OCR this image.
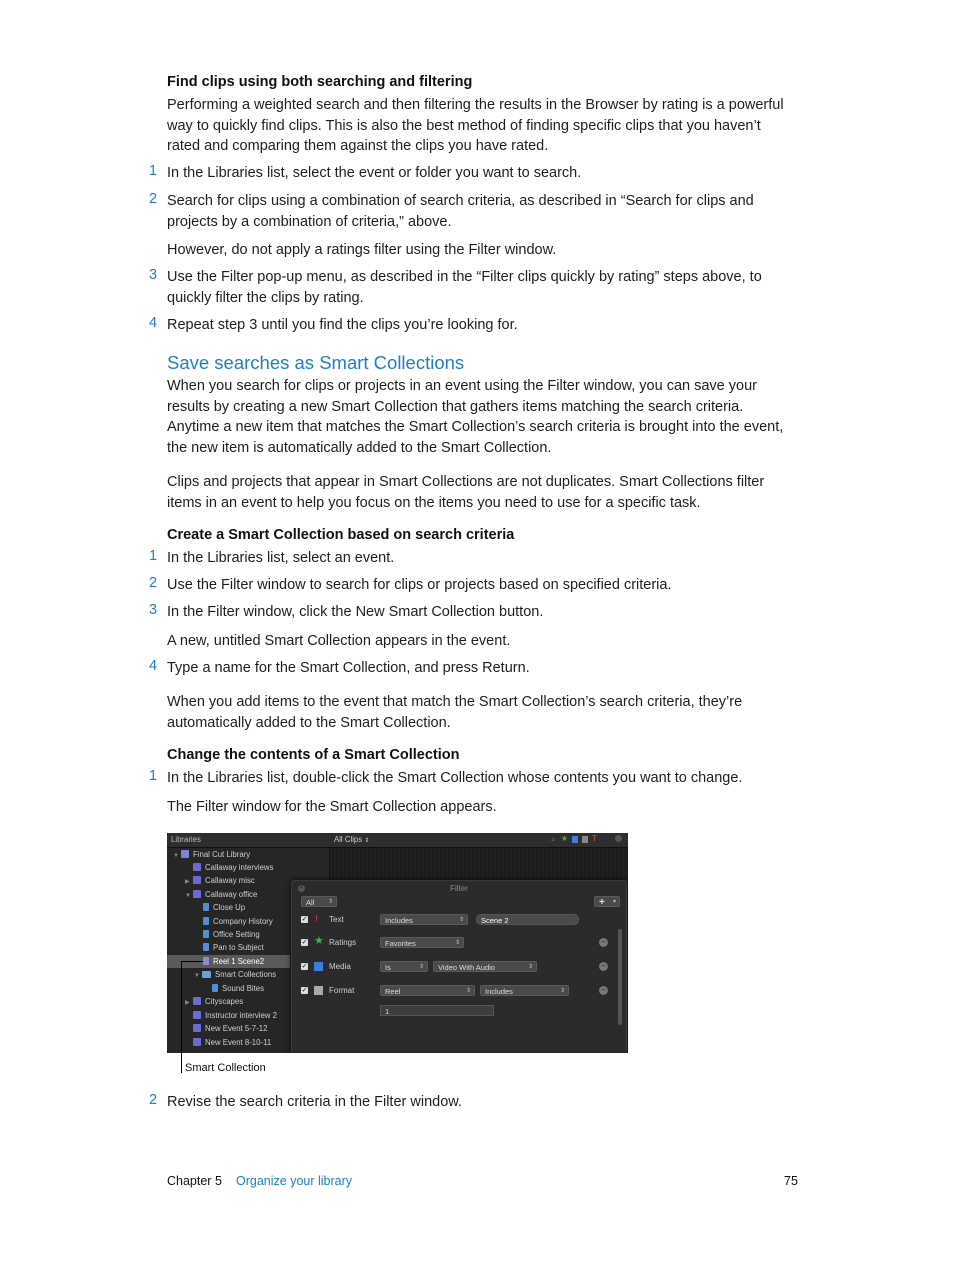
Find clips using both searching and filtering
Performing a weighted search and then filtering the results in the Browser by rating is a powerful
way to quickly find clips. This is also the best method of finding specific clips that you haven’t
rated and comparing them against the clips you have rated.
1 In the Libraries list, select the event or folder you want to search.
2 Search for clips using a combination of search criteria, as described in “Search for clips and
projects by a combination of criteria,” above.
However, do not apply a ratings filter using the Filter window.
3 Use the Filter pop-up menu, as described in the “Filter clips quickly by rating” steps above, to
quickly filter the clips by rating.
4 Repeat step 3 until you find the clips you’re looking for.
Save searches as Smart Collections
When you search for clips or projects in an event using the Filter window, you can save your
results by creating a new Smart Collection that gathers items matching the search criteria.
Anytime a new item that matches the Smart Collection’s search criteria is brought into the event,
the new item is automatically added to the Smart Collection.
Clips and projects that appear in Smart Collections are not duplicates. Smart Collections filter
items in an event to help you focus on the items you need to use for a specific task.
Create a Smart Collection based on search criteria
1 In the Libraries list, select an event.
2 Use the Filter window to search for clips or projects based on specified criteria.
3 In the Filter window, click the New Smart Collection button.
A new, untitled Smart Collection appears in the event.
4 Type a name for the Smart Collection, and press Return.
When you add items to the event that match the Smart Collection’s search criteria, they’re
automatically added to the Smart Collection.
Change the contents of a Smart Collection
1 In the Libraries list, double-click the Smart Collection whose contents you want to change.
The Filter window for the Smart Collection appears.
Libraries	All Clips ⇕	⌕ ★	T
▼ Final Cut Library
Callaway interviews
▶ Callaway misc
▼ Callaway office
Close Up
Company History
Office Setting
Pan to Subject
Reel 1 Scene2
▼ Smart Collections
Sound Bites
▶ Cityscapes
Instructor interview 2
New Event 5-7-12
New Event 8-10-11
×	Filter
All ⇕	+ ▾
✓ !	Text	Includes	⇕	Scene 2
✓ ★ Ratings	Favorites	⇕	−
✓	Media	Is	⇕	Video With Audio	⇕	−
✓	Format	Reel	⇕	Includes	⇕	−
1
Smart Collection
2 Revise the search criteria in the Filter window.
Chapter 5 Organize your library	75
